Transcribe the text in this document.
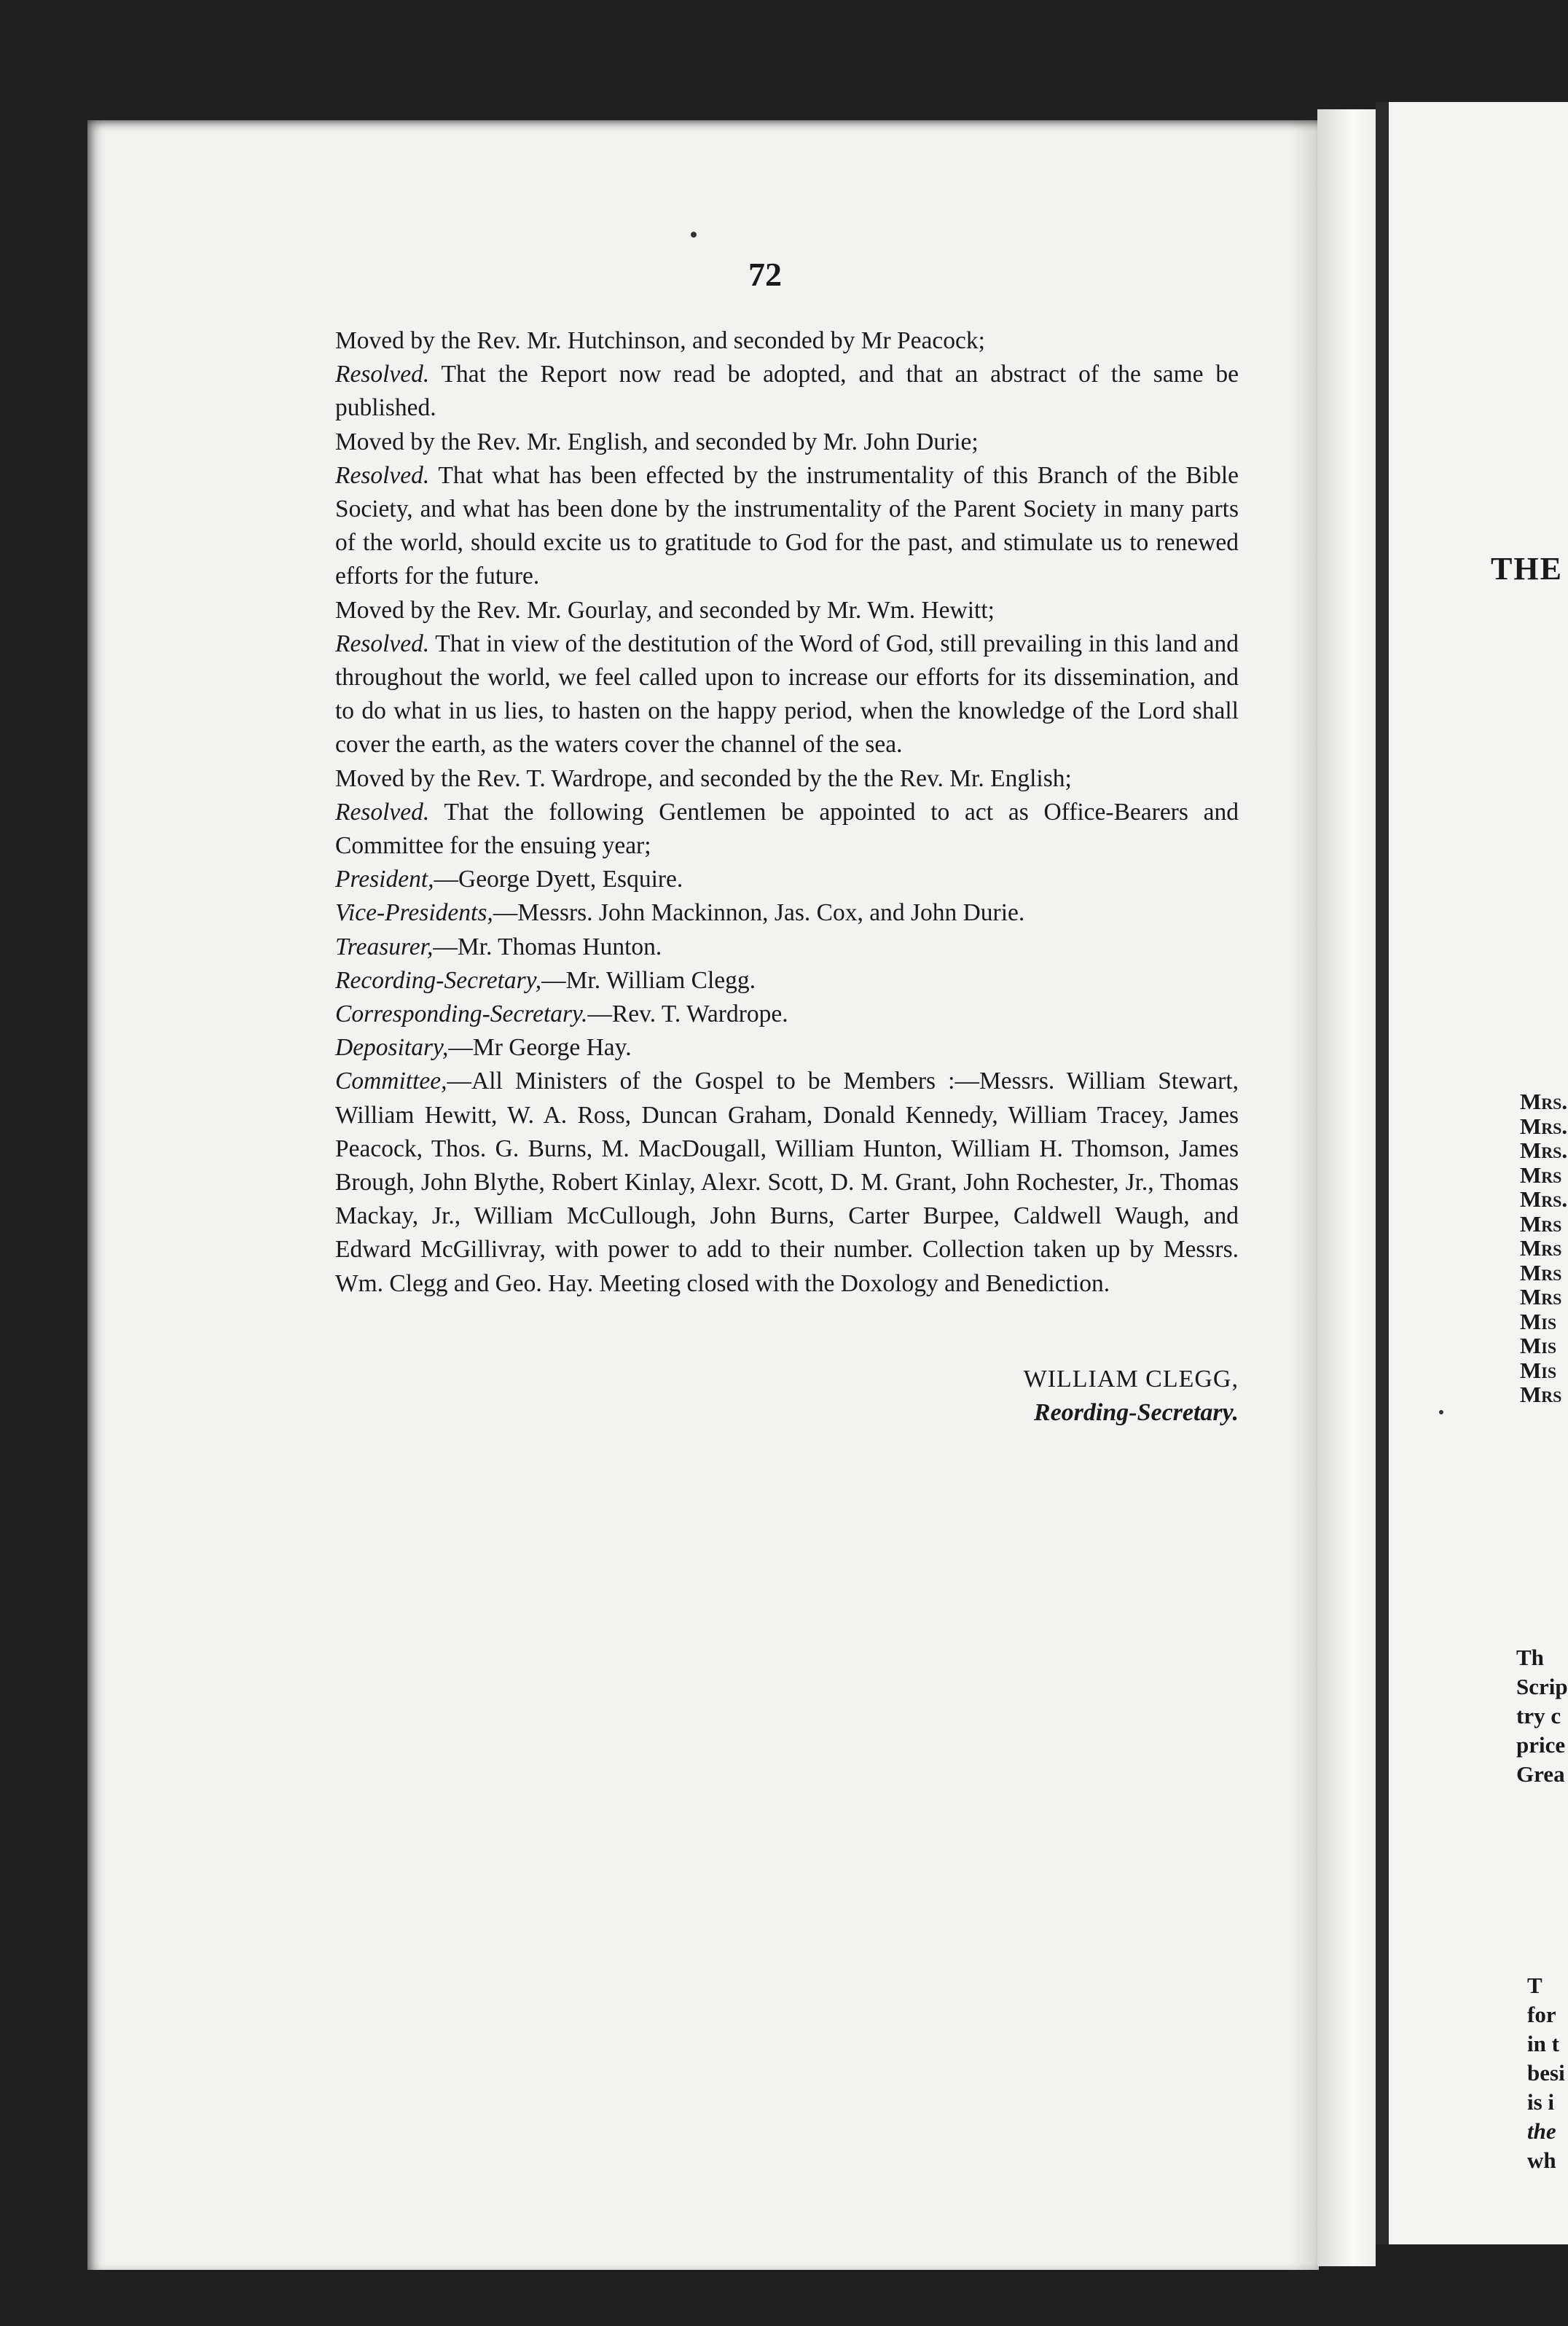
THE
Mrs.
Mrs.
Mrs.
Mrs
Mrs.
Mrs
Mrs
Mrs
Mrs
Mis
Mis
Mis
Mrs
Th
Scrip
try c
price
Grea
T
for
in t
besi
is i
the
wh
72

Moved by the Rev. Mr. Hutchinson, and seconded by Mr Peacock;

Resolved. That the Report now read be adopted, and that an abstract of the same be published.

Moved by the Rev. Mr. English, and seconded by Mr. John Durie;

Resolved. That what has been effected by the instrumentality of this Branch of the Bible Society, and what has been done by the instrumentality of the Parent Society in many parts of the world, should excite us to gratitude to God for the past, and stimulate us to renewed efforts for the future.

Moved by the Rev. Mr. Gourlay, and seconded by Mr. Wm. Hewitt;

Resolved. That in view of the destitution of the Word of God, still prevailing in this land and throughout the world, we feel called upon to increase our efforts for its dissemination, and to do what in us lies, to hasten on the happy period, when the knowledge of the Lord shall cover the earth, as the waters cover the channel of the sea.

Moved by the Rev. T. Wardrope, and seconded by the the Rev. Mr. English;

Resolved. That the following Gentlemen be appointed to act as Office-Bearers and Committee for the ensuing year;

President,—George Dyett, Esquire.

Vice-Presidents,—Messrs. John Mackinnon, Jas. Cox, and John Durie.

Treasurer,—Mr. Thomas Hunton.

Recording-Secretary,—Mr. William Clegg.

Corresponding-Secretary.—Rev. T. Wardrope.

Depositary,—Mr George Hay.

Committee,—All Ministers of the Gospel to be Members :—Messrs. William Stewart, William Hewitt, W. A. Ross, Duncan Graham, Donald Kennedy, William Tracey, James Peacock, Thos. G. Burns, M. MacDougall, William Hunton, William H. Thomson, James Brough, John Blythe, Robert Kinlay, Alexr. Scott, D. M. Grant, John Rochester, Jr., Thomas Mackay, Jr., William McCullough, John Burns, Carter Burpee, Caldwell Waugh, and Edward McGillivray, with power to add to their number. Collection taken up by Messrs. Wm. Clegg and Geo. Hay. Meeting closed with the Doxology and Benediction.

WILLIAM CLEGG,
Reording-Secretary.
